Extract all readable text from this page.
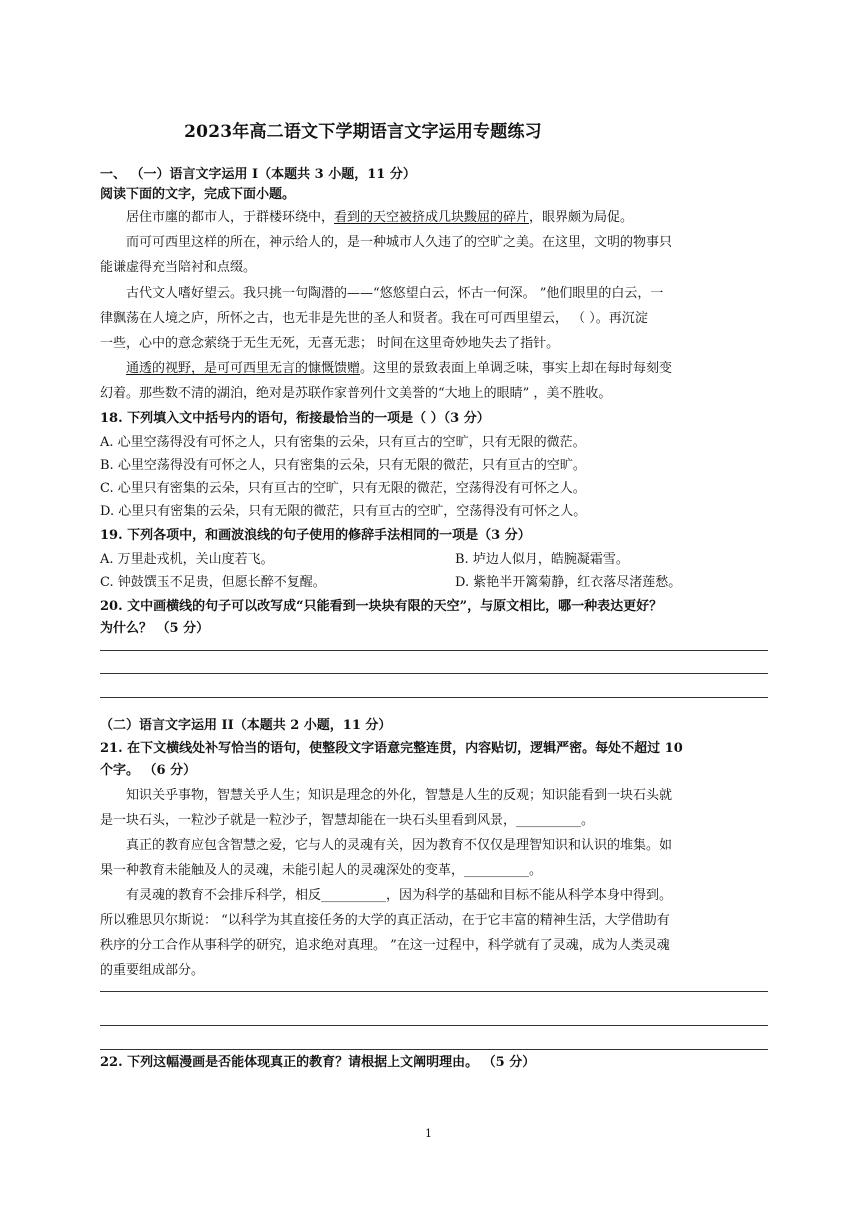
2023年高二语文下学期语言文字运用专题练习
一、 （一）语言文字运用 I（本题共 3 小题，11 分）
阅读下面的文字，完成下面小题。
居住市廛的都市人，于群楼环绕中，看到的天空被挤成几块黢屈的碎片，眼界颇为局促。
而可可西里这样的所在，神示给人的，是一种城市人久违了的空旷之美。在这里，文明的物事只
能谦虚得充当陪衬和点缀。
古代文人嗜好望云。我只挑一句陶潜的——“悠悠望白云，怀古一何深。 ”他们眼里的白云，一
律飘荡在人境之庐，所怀之古，也无非是先世的圣人和贤者。我在可可西里望云， （ ）。再沉淀
一些，心中的意念萦绕于无生无死，无喜无悲； 时间在这里奇妙地失去了指针。
通透的视野，是可可西里无言的慷慨馈赠。这里的景致表面上单调乏味，事实上却在每时每刻变
幻着。那些数不清的湖泊，绝对是苏联作家普列什文美誉的“大地上的眼睛” ，美不胜收。
18. 下列填入文中括号内的语句，衔接最恰当的一项是（ ）（3 分）
A. 心里空荡得没有可怀之人，只有密集的云朵，只有亘古的空旷，只有无限的微茫。
B. 心里空荡得没有可怀之人，只有密集的云朵，只有无限的微茫，只有亘古的空旷。
C. 心里只有密集的云朵，只有亘古的空旷，只有无限的微茫，空荡得没有可怀之人。
D. 心里只有密集的云朵，只有无限的微茫，只有亘古的空旷，空荡得没有可怀之人。
19. 下列各项中，和画波浪线的句子使用的修辞手法相同的一项是（3 分）
A. 万里赴戎机，关山度若飞。	B. 垆边人似月，皓腕凝霜雪。
C. 钟鼓馔玉不足贵，但愿长醉不复醒。	D. 紫艳半开篱菊静，红衣落尽渚莲愁。
20. 文中画横线的句子可以改写成“只能看到一块块有限的天空”，与原文相比，哪一种表达更好？
为什么？ （5 分）
（二）语言文字运用 II（本题共 2 小题，11 分）
21. 在下文横线处补写恰当的语句，使整段文字语意完整连贯，内容贴切，逻辑严密。每处不超过 10
个字。 （6 分）
知识关乎事物，智慧关乎人生；知识是理念的外化，智慧是人生的反观；知识能看到一块石头就
是一块石头，一粒沙子就是一粒沙子，智慧却能在一块石头里看到风景，__________。
真正的教育应包含智慧之爱，它与人的灵魂有关，因为教育不仅仅是理智知识和认识的堆集。如
果一种教育未能触及人的灵魂，未能引起人的灵魂深处的变革，__________。
有灵魂的教育不会排斥科学，相反__________，因为科学的基础和目标不能从科学本身中得到。
所以雅思贝尔斯说： “以科学为其直接任务的大学的真正活动，在于它丰富的精神生活，大学借助有
秩序的分工合作从事科学的研究，追求绝对真理。 ”在这一过程中，科学就有了灵魂，成为人类灵魂
的重要组成部分。
22. 下列这幅漫画是否能体现真正的教育？请根据上文阐明理由。 （5 分）
1
